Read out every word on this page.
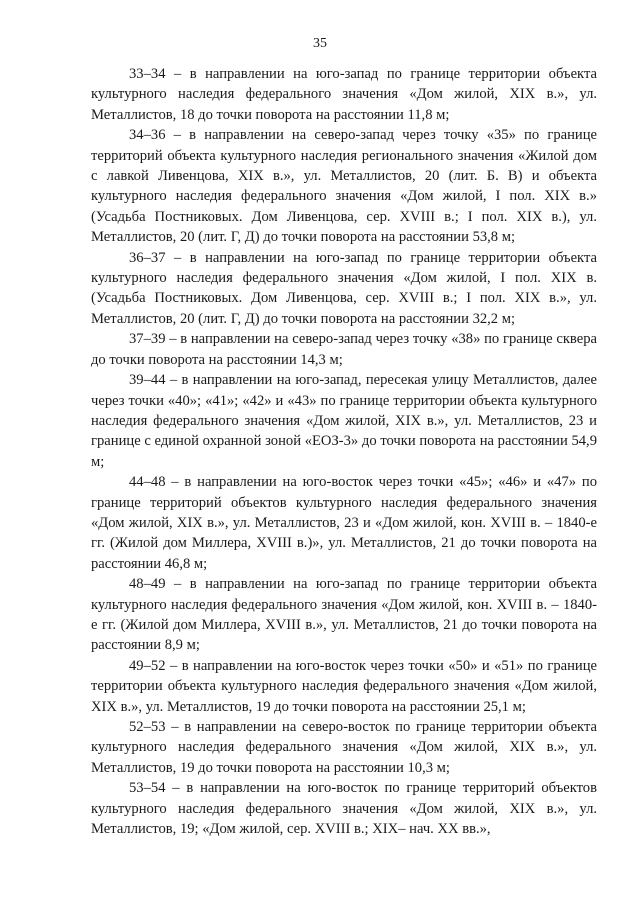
35

33–34 – в направлении на юго-запад по границе территории объекта культурного наследия федерального значения «Дом жилой, XIX в.», ул. Металлистов, 18 до точки поворота на расстоянии 11,8 м;

34–36 – в направлении на северо-запад через точку «35» по границе территорий объекта культурного наследия регионального значения «Жилой дом с лавкой Ливенцова, XIX в.», ул. Металлистов, 20 (лит. Б. В) и объекта культурного наследия федерального значения «Дом жилой, I пол. XIX в.» (Усадьба Постниковых. Дом Ливенцова, сер. XVIII в.; I пол. XIX в.), ул. Металлистов, 20 (лит. Г, Д) до точки поворота на расстоянии 53,8 м;

36–37 – в направлении на юго-запад по границе территории объекта культурного наследия федерального значения «Дом жилой, I пол. XIX в. (Усадьба Постниковых. Дом Ливенцова, сер. XVIII в.; I пол. XIX в.», ул. Металлистов, 20 (лит. Г, Д) до точки поворота на расстоянии 32,2 м;

37–39 – в направлении на северо-запад через точку «38» по границе сквера до точки поворота на расстоянии 14,3 м;

39–44 – в направлении на юго-запад, пересекая улицу Металлистов, далее через точки «40»; «41»; «42» и «43» по границе территории объекта культурного наследия федерального значения «Дом жилой, XIX в.», ул. Металлистов, 23 и границе с единой охранной зоной «ЕОЗ-3» до точки поворота на расстоянии 54,9 м;

44–48 – в направлении на юго-восток через точки «45»; «46» и «47» по границе территорий объектов культурного наследия федерального значения «Дом жилой, XIX в.», ул. Металлистов, 23 и «Дом жилой, кон. XVIII в. – 1840-е гг. (Жилой дом Миллера, XVIII в.)», ул. Металлистов, 21 до точки поворота на расстоянии 46,8 м;

48–49 – в направлении на юго-запад по границе территории объекта культурного наследия федерального значения «Дом жилой, кон. XVIII в. – 1840-е гг. (Жилой дом Миллера, XVIII в.», ул. Металлистов, 21 до точки поворота на расстоянии 8,9 м;

49–52 – в направлении на юго-восток через точки «50» и «51» по границе территории объекта культурного наследия федерального значения «Дом жилой, XIX в.», ул. Металлистов, 19 до точки поворота на расстоянии 25,1 м;

52–53 – в направлении на северо-восток по границе территории объекта культурного наследия федерального значения «Дом жилой, XIX в.», ул. Металлистов, 19 до точки поворота на расстоянии 10,3 м;

53–54 – в направлении на юго-восток по границе территорий объектов культурного наследия федерального значения «Дом жилой, XIX в.», ул. Металлистов, 19; «Дом жилой, сер. XVIII в.; XIX– нач. XX вв.»,
